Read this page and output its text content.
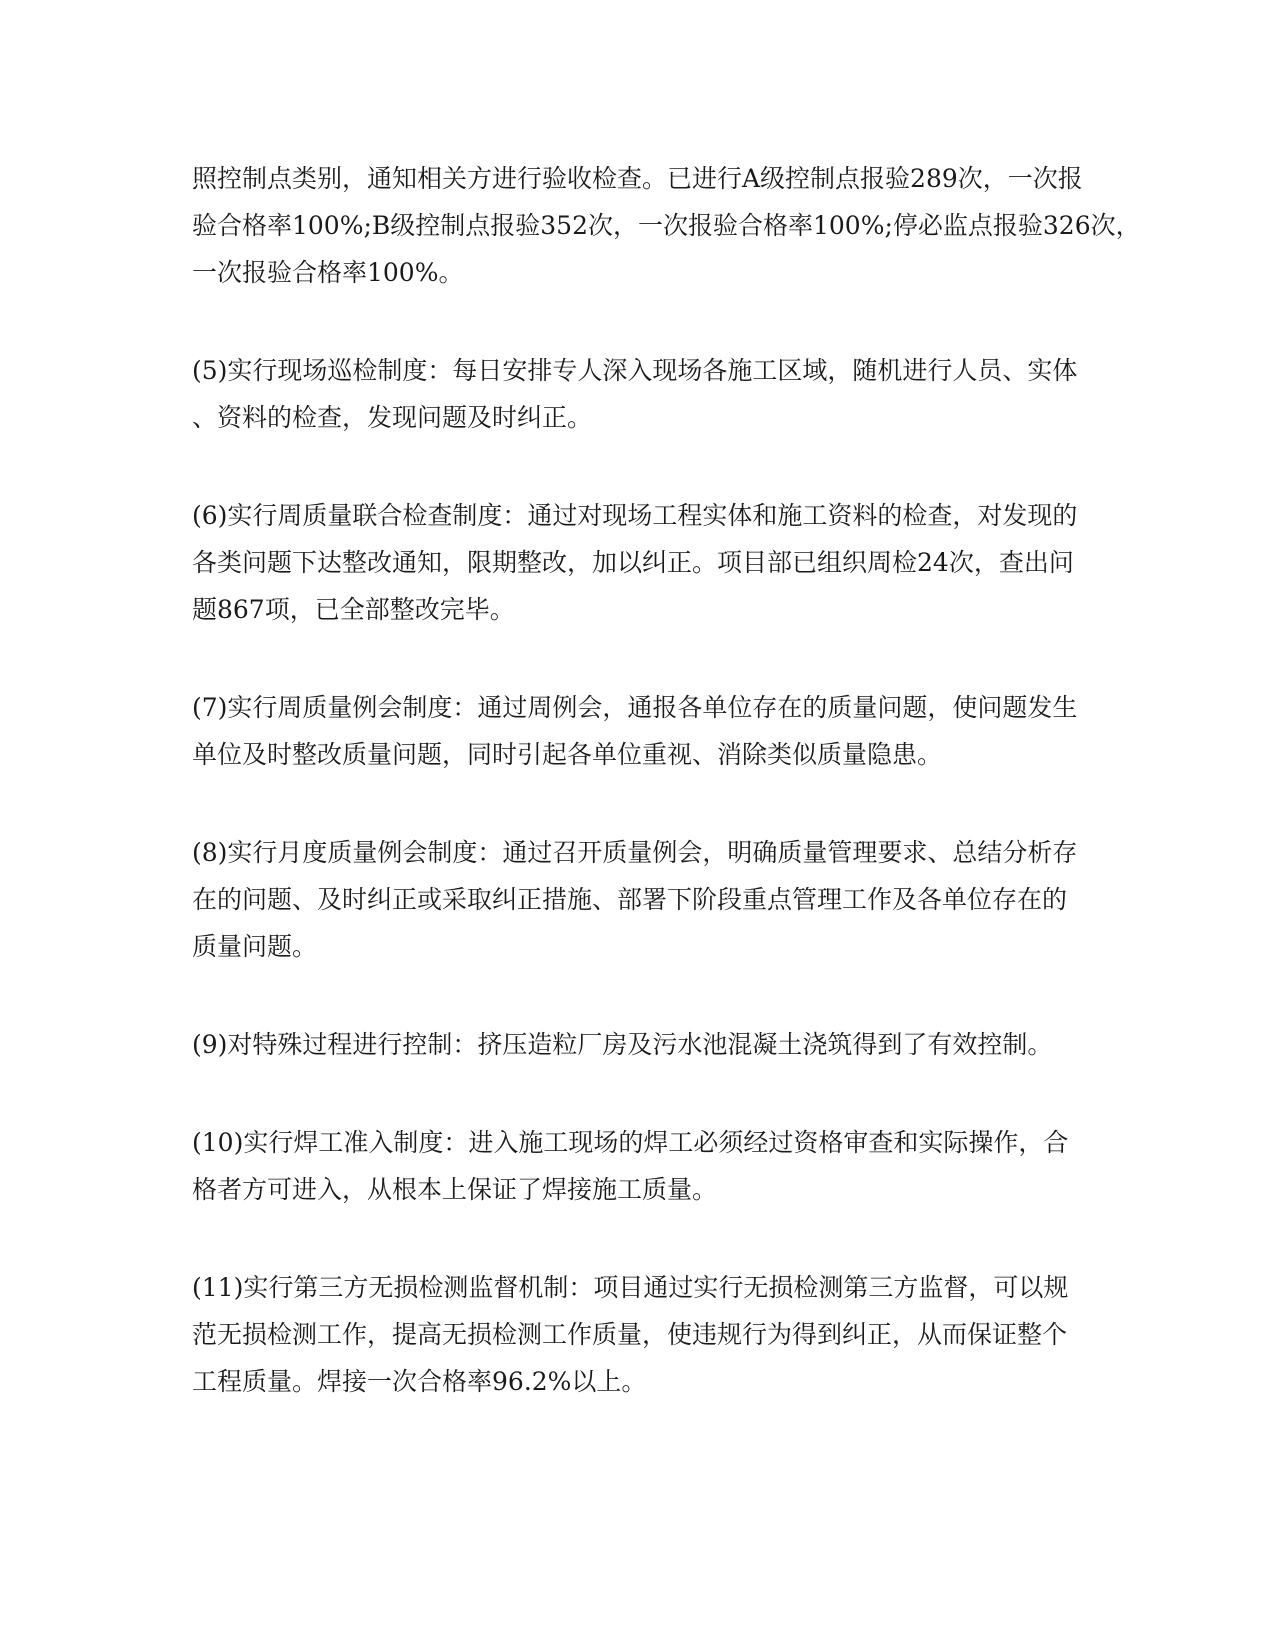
照控制点类别，通知相关方进行验收检查。已进行A级控制点报验289次，一次报
验合格率100%;B级控制点报验352次，一次报验合格率100%;停必监点报验326次，
一次报验合格率100%。

(5)实行现场巡检制度：每日安排专人深入现场各施工区域，随机进行人员、实体
、资料的检查，发现问题及时纠正。

(6)实行周质量联合检查制度：通过对现场工程实体和施工资料的检查，对发现的
各类问题下达整改通知，限期整改，加以纠正。项目部已组织周检24次，查出问
题867项，已全部整改完毕。

(7)实行周质量例会制度：通过周例会，通报各单位存在的质量问题，使问题发生
单位及时整改质量问题，同时引起各单位重视、消除类似质量隐患。

(8)实行月度质量例会制度：通过召开质量例会，明确质量管理要求、总结分析存
在的问题、及时纠正或采取纠正措施、部署下阶段重点管理工作及各单位存在的
质量问题。

(9)对特殊过程进行控制：挤压造粒厂房及污水池混凝土浇筑得到了有效控制。

(10)实行焊工准入制度：进入施工现场的焊工必须经过资格审查和实际操作，合
格者方可进入，从根本上保证了焊接施工质量。

(11)实行第三方无损检测监督机制：项目通过实行无损检测第三方监督，可以规
范无损检测工作，提高无损检测工作质量，使违规行为得到纠正，从而保证整个
工程质量。焊接一次合格率96.2%以上。
